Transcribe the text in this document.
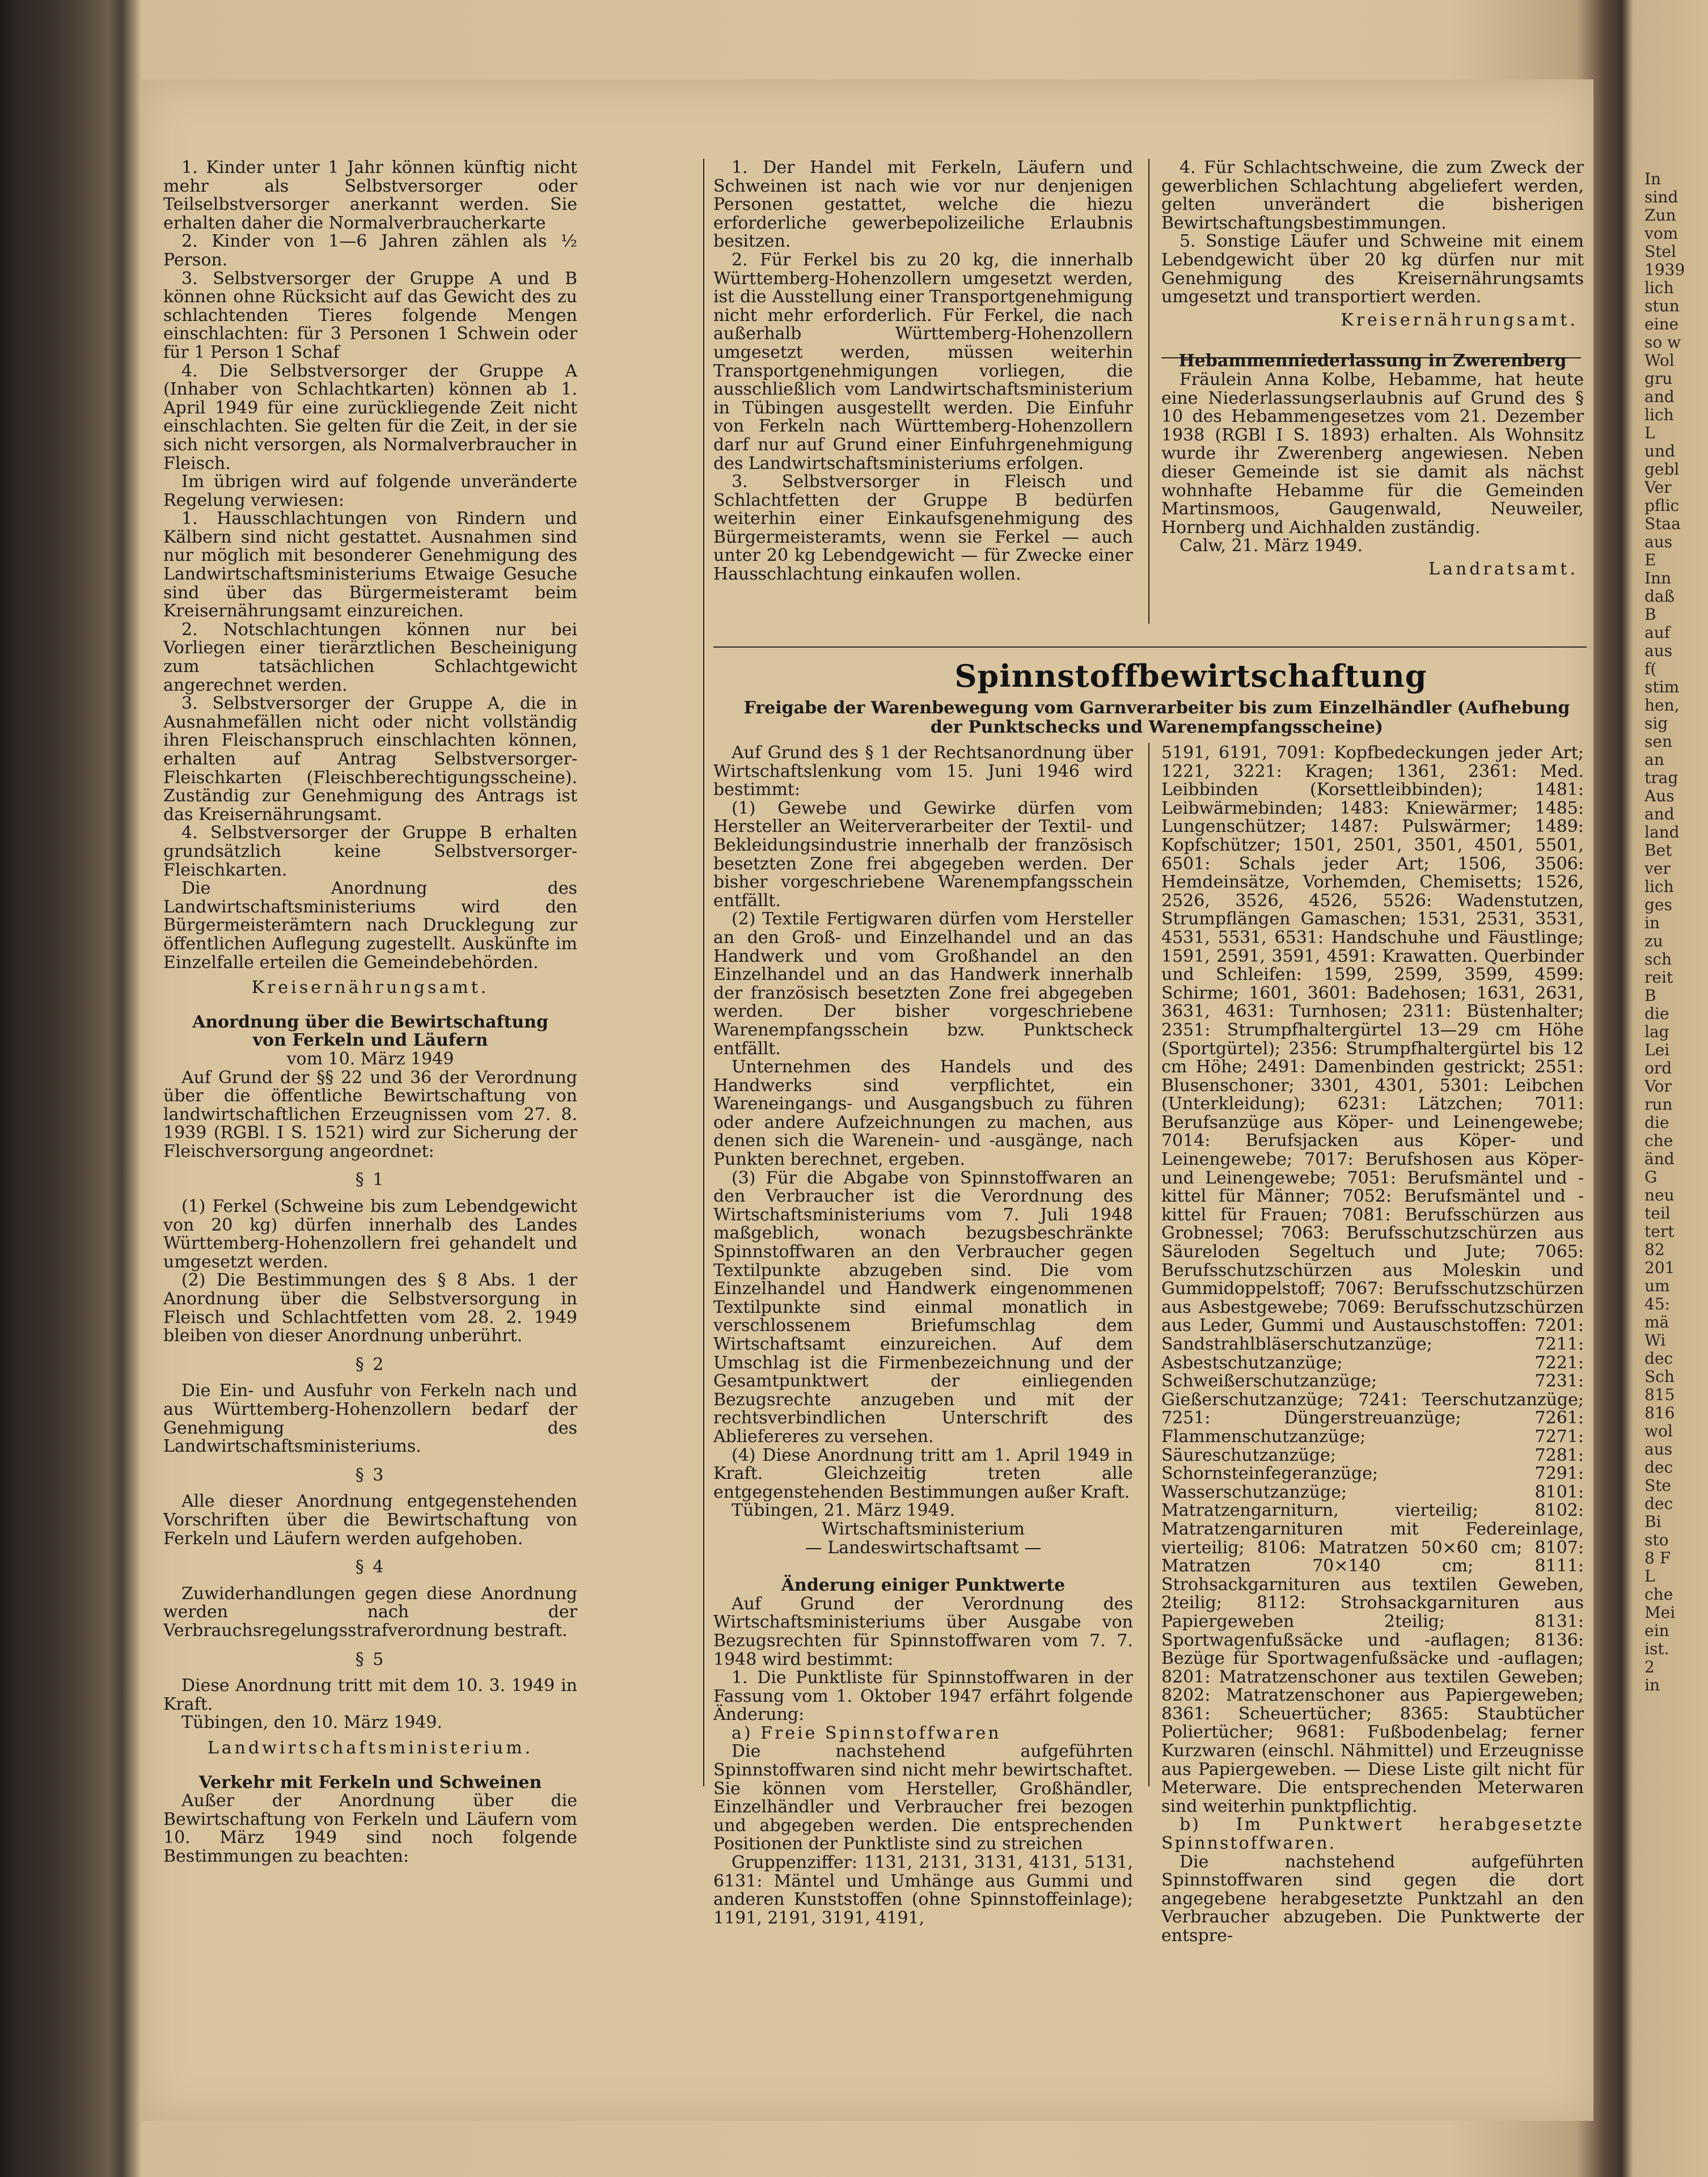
1. Kinder unter 1 Jahr können künftig nicht mehr als Selbstversorger oder Teilselbstversorger anerkannt werden. Sie erhalten daher die Normalverbraucherkarte

2. Kinder von 1—6 Jahren zählen als ½ Person.

3. Selbstversorger der Gruppe A und B können ohne Rücksicht auf das Gewicht des zu schlachtenden Tieres folgende Mengen einschlachten: für 3 Personen 1 Schwein oder für 1 Person 1 Schaf

4. Die Selbstversorger der Gruppe A (Inhaber von Schlachtkarten) können ab 1. April 1949 für eine zurückliegende Zeit nicht einschlachten. Sie gelten für die Zeit, in der sie sich nicht versorgen, als Normalverbraucher in Fleisch.

Im übrigen wird auf folgende unveränderte Regelung verwiesen:

1. Hausschlachtungen von Rindern und Kälbern sind nicht gestattet. Ausnahmen sind nur möglich mit besonderer Genehmigung des Landwirtschaftsministeriums Etwaige Gesuche sind über das Bürgermeisteramt beim Kreisernährungsamt einzureichen.

2. Notschlachtungen können nur bei Vorliegen einer tierärztlichen Bescheinigung zum tatsächlichen Schlachtgewicht angerechnet werden.

3. Selbstversorger der Gruppe A, die in Ausnahmefällen nicht oder nicht vollständig ihren Fleischanspruch einschlachten können, erhalten auf Antrag Selbstversorger-Fleischkarten (Fleischberechtigungsscheine). Zuständig zur Genehmigung des Antrags ist das Kreisernährungsamt.

4. Selbstversorger der Gruppe B erhalten grundsätzlich keine Selbstversorger-Fleischkarten.

Die Anordnung des Landwirtschaftsministeriums wird den Bürgermeisterämtern nach Drucklegung zur öffentlichen Auflegung zugestellt. Auskünfte im Einzelfalle erteilen die Gemeindebehörden.

Kreisernährungsamt.
Anordnung über die Bewirtschaftung
von Ferkeln und Läufern
vom 10. März 1949

Auf Grund der §§ 22 und 36 der Verordnung über die öffentliche Bewirtschaftung von landwirtschaftlichen Erzeugnissen vom 27. 8. 1939 (RGBl. I S. 1521) wird zur Sicherung der Fleischversorgung angeordnet:

§ 1

(1) Ferkel (Schweine bis zum Lebendgewicht von 20 kg) dürfen innerhalb des Landes Württemberg-Hohenzollern frei gehandelt und umgesetzt werden.

(2) Die Bestimmungen des § 8 Abs. 1 der Anordnung über die Selbstversorgung in Fleisch und Schlachtfetten vom 28. 2. 1949 bleiben von dieser Anordnung unberührt.

§ 2

Die Ein- und Ausfuhr von Ferkeln nach und aus Württemberg-Hohenzollern bedarf der Genehmigung des Landwirtschaftsministeriums.

§ 3

Alle dieser Anordnung entgegenstehenden Vorschriften über die Bewirtschaftung von Ferkeln und Läufern werden aufgehoben.

§ 4

Zuwiderhandlungen gegen diese Anordnung werden nach der Verbrauchsregelungsstrafverordnung bestraft.

§ 5

Diese Anordnung tritt mit dem 10. 3. 1949 in Kraft.

Tübingen, den 10. März 1949.

Landwirtschaftsministerium.
Verkehr mit Ferkeln und Schweinen

Außer der Anordnung über die Bewirtschaftung von Ferkeln und Läufern vom 10. März 1949 sind noch folgende Bestimmungen zu beachten:

1. Der Handel mit Ferkeln, Läufern und Schweinen ist nach wie vor nur denjenigen Personen gestattet, welche die hiezu erforderliche gewerbepolizeiliche Erlaubnis besitzen.

2. Für Ferkel bis zu 20 kg, die innerhalb Württemberg-Hohenzollern umgesetzt werden, ist die Ausstellung einer Transportgenehmigung nicht mehr erforderlich. Für Ferkel, die nach außerhalb Württemberg-Hohenzollern umgesetzt werden, müssen weiterhin Transportgenehmigungen vorliegen, die ausschließlich vom Landwirtschaftsministerium in Tübingen ausgestellt werden. Die Einfuhr von Ferkeln nach Württemberg-Hohenzollern darf nur auf Grund einer Einfuhrgenehmigung des Landwirtschaftsministeriums erfolgen.

3. Selbstversorger in Fleisch und Schlachtfetten der Gruppe B bedürfen weiterhin einer Einkaufsgenehmigung des Bürgermeisteramts, wenn sie Ferkel — auch unter 20 kg Lebendgewicht — für Zwecke einer Hausschlachtung einkaufen wollen.

4. Für Schlachtschweine, die zum Zweck der gewerblichen Schlachtung abgeliefert werden, gelten unverändert die bisherigen Bewirtschaftungsbestimmungen.

5. Sonstige Läufer und Schweine mit einem Lebendgewicht über 20 kg dürfen nur mit Genehmigung des Kreisernährungsamts umgesetzt und transportiert werden.

Kreisernährungsamt.
Hebammenniederlassung in Zwerenberg

Fräulein Anna Kolbe, Hebamme, hat heute eine Niederlassungserlaubnis auf Grund des § 10 des Hebammengesetzes vom 21. Dezember 1938 (RGBl I S. 1893) erhalten. Als Wohnsitz wurde ihr Zwerenberg angewiesen. Neben dieser Gemeinde ist sie damit als nächst wohnhafte Hebamme für die Gemeinden Martinsmoos, Gaugenwald, Neuweiler, Hornberg und Aichhalden zuständig.

Calw, 21. März 1949.

Landratsamt.
Spinnstoffbewirtschaftung
Freigabe der Warenbewegung vom Garnverarbeiter bis zum Einzelhändler (Aufhebung der Punktschecks und Warenempfangsscheine)

Auf Grund des § 1 der Rechtsanordnung über Wirtschaftslenkung vom 15. Juni 1946 wird bestimmt:

(1) Gewebe und Gewirke dürfen vom Hersteller an Weiterverarbeiter der Textil- und Bekleidungsindustrie innerhalb der französisch besetzten Zone frei abgegeben werden. Der bisher vorgeschriebene Warenempfangsschein entfällt.

(2) Textile Fertigwaren dürfen vom Hersteller an den Groß- und Einzelhandel und an das Handwerk und vom Großhandel an den Einzelhandel und an das Handwerk innerhalb der französisch besetzten Zone frei abgegeben werden. Der bisher vorgeschriebene Warenempfangsschein bzw. Punktscheck entfällt.

Unternehmen des Handels und des Handwerks sind verpflichtet, ein Wareneingangs- und Ausgangsbuch zu führen oder andere Aufzeichnungen zu machen, aus denen sich die Warenein- und -ausgänge, nach Punkten berechnet, ergeben.

(3) Für die Abgabe von Spinnstoffwaren an den Verbraucher ist die Verordnung des Wirtschaftsministeriums vom 7. Juli 1948 maßgeblich, wonach bezugsbeschränkte Spinnstoffwaren an den Verbraucher gegen Textilpunkte abzugeben sind. Die vom Einzelhandel und Handwerk eingenommenen Textilpunkte sind einmal monatlich in verschlossenem Briefumschlag dem Wirtschaftsamt einzureichen. Auf dem Umschlag ist die Firmenbezeichnung und der Gesamtpunktwert der einliegenden Bezugsrechte anzugeben und mit der rechtsverbindlichen Unterschrift des Abliefereres zu versehen.

(4) Diese Anordnung tritt am 1. April 1949 in Kraft. Gleichzeitig treten alle entgegenstehenden Bestimmungen außer Kraft.

Tübingen, 21. März 1949.

Wirtschaftsministerium
— Landeswirtschaftsamt —
Änderung einiger Punktwerte

Auf Grund der Verordnung des Wirtschaftsministeriums über Ausgabe von Bezugsrechten für Spinnstoffwaren vom 7. 7. 1948 wird bestimmt:

1. Die Punktliste für Spinnstoffwaren in der Fassung vom 1. Oktober 1947 erfährt folgende Änderung:

a) Freie Spinnstoffwaren

Die nachstehend aufgeführten Spinnstoffwaren sind nicht mehr bewirtschaftet. Sie können vom Hersteller, Großhändler, Einzelhändler und Verbraucher frei bezogen und abgegeben werden. Die entsprechenden Positionen der Punktliste sind zu streichen

Gruppenziffer: 1131, 2131, 3131, 4131, 5131, 6131: Mäntel und Umhänge aus Gummi und anderen Kunststoffen (ohne Spinnstoffeinlage); 1191, 2191, 3191, 4191,

5191, 6191, 7091: Kopfbedeckungen jeder Art; 1221, 3221: Kragen; 1361, 2361: Med. Leibbinden (Korsettleibbinden); 1481: Leibwärmebinden; 1483: Kniewärmer; 1485: Lungenschützer; 1487: Pulswärmer; 1489: Kopfschützer; 1501, 2501, 3501, 4501, 5501, 6501: Schals jeder Art; 1506, 3506: Hemdeinsätze, Vorhemden, Chemisetts; 1526, 2526, 3526, 4526, 5526: Wadenstutzen, Strumpflängen Gamaschen; 1531, 2531, 3531, 4531, 5531, 6531: Handschuhe und Fäustlinge; 1591, 2591, 3591, 4591: Krawatten. Querbinder und Schleifen: 1599, 2599, 3599, 4599: Schirme; 1601, 3601: Badehosen; 1631, 2631, 3631, 4631: Turnhosen; 2311: Büstenhalter; 2351: Strumpfhaltergürtel 13—29 cm Höhe (Sportgürtel); 2356: Strumpfhaltergürtel bis 12 cm Höhe; 2491: Damenbinden gestrickt; 2551: Blusenschoner; 3301, 4301, 5301: Leibchen (Unterkleidung); 6231: Lätzchen; 7011: Berufsanzüge aus Köper- und Leinengewebe; 7014: Berufsjacken aus Köper- und Leinengewebe; 7017: Berufshosen aus Köper- und Leinengewebe; 7051: Berufsmäntel und -kittel für Männer; 7052: Berufsmäntel und -kittel für Frauen; 7081: Berufsschürzen aus Grobnessel; 7063: Berufsschutzschürzen aus Säureloden Segeltuch und Jute; 7065: Berufsschutzschürzen aus Moleskin und Gummidoppelstoff; 7067: Berufsschutzschürzen aus Asbestgewebe; 7069: Berufsschutzschürzen aus Leder, Gummi und Austauschstoffen: 7201: Sandstrahlbläserschutzanzüge; 7211: Asbestschutzanzüge; 7221: Schweißerschutzanzüge; 7231: Gießerschutzanzüge; 7241: Teerschutzanzüge; 7251: Düngerstreuanzüge; 7261: Flammenschutzanzüge; 7271: Säureschutzanzüge; 7281: Schornsteinfegeranzüge; 7291: Wasserschutzanzüge; 8101: Matratzengarniturn, vierteilig; 8102: Matratzengarnituren mit Federeinlage, vierteilig; 8106: Matratzen 50×60 cm; 8107: Matratzen 70×140 cm; 8111: Strohsackgarnituren aus textilen Geweben, 2teilig; 8112: Strohsackgarnituren aus Papiergeweben 2teilig; 8131: Sportwagenfußsäcke und -auflagen; 8136: Bezüge für Sportwagenfußsäcke und -auflagen; 8201: Matratzenschoner aus textilen Geweben; 8202: Matratzenschoner aus Papiergeweben; 8361: Scheuertücher; 8365: Staubtücher Poliertücher; 9681: Fußbodenbelag; ferner Kurzwaren (einschl. Nähmittel) und Erzeugnisse aus Papiergeweben. — Diese Liste gilt nicht für Meterware. Die entsprechenden Meterwaren sind weiterhin punktpflichtig.

b) Im Punktwert herabgesetzte Spinnstoffwaren.

Die nachstehend aufgeführten Spinnstoffwaren sind gegen die dort angegebene herabgesetzte Punktzahl an den Verbraucher abzugeben. Die Punktwerte der entspre-

In
sind
Zun
vom
Stel
1939
lich
stun
eine
so w
Wol
gru
and
lich
L
und
gebl
Ver
pflic
Staa
aus
E
Inn
daß
B
auf
aus
f(
stim
hen,
sig
sen
an
trag
Aus
and
land
Bet
ver
lich
ges
in
zu
sch
reit
B
die
lag
Lei
ord
Vor
run
die
che
änd
G
neu
teil
tert
82
201
um
45:
mä
Wi
dec
Sch
815
816
wol
aus
dec
Ste
dec
Bi
sto
8 F
L
che
Mei
ein
ist.
2
in
